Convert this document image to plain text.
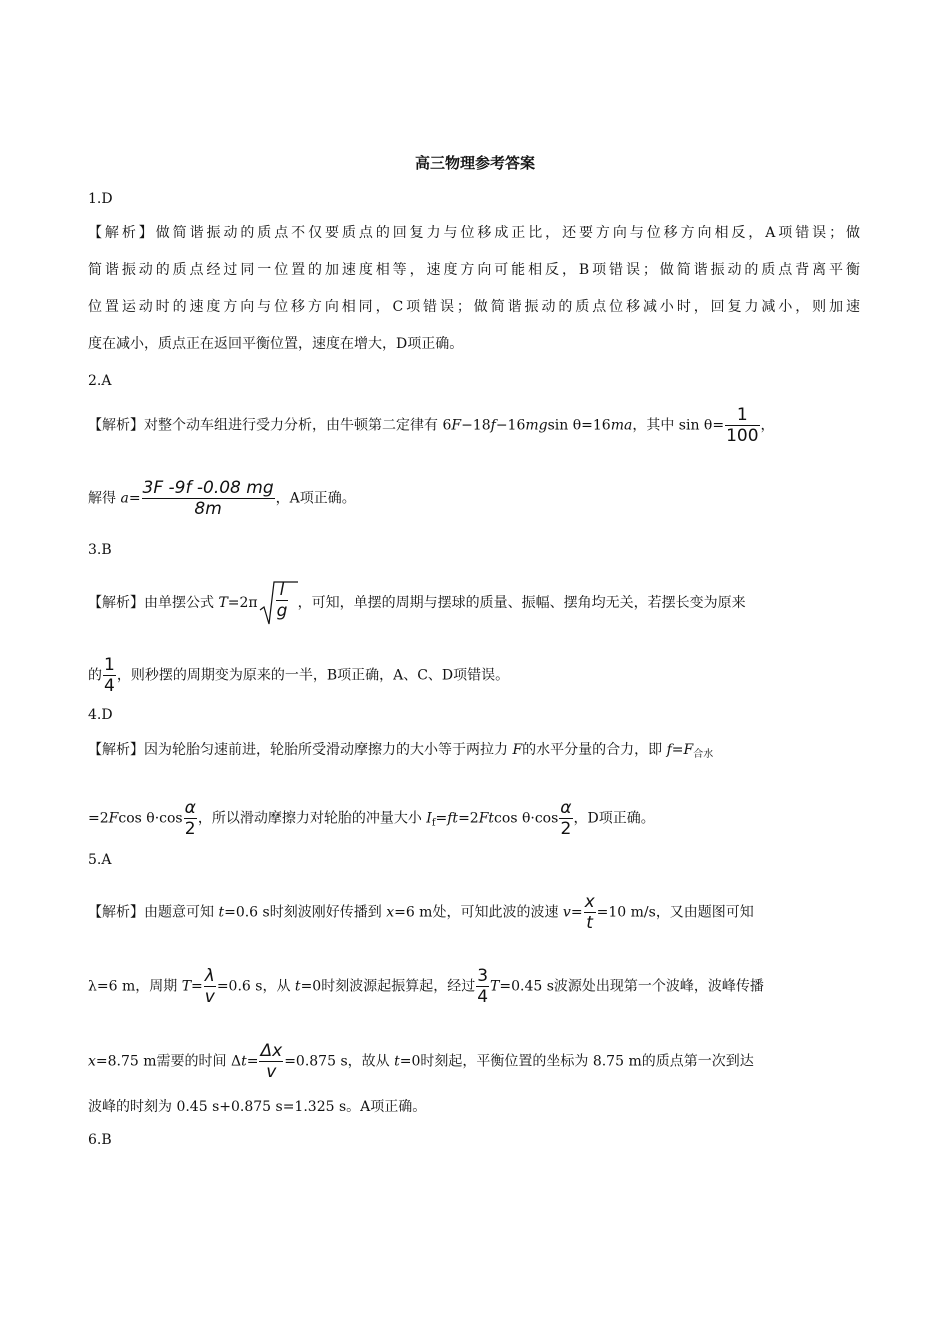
高三物理参考答案
1.D
【解析】做简谐振动的质点不仅要质点的回复力与位移成正比，还要方向与位移方向相反，A项错误；做
简谐振动的质点经过同一位置的加速度相等，速度方向可能相反，B项错误；做简谐振动的质点背离平衡
位置运动时的速度方向与位移方向相同，C项错误；做简谐振动的质点位移减小时，回复力减小，则加速
度在减小，质点正在返回平衡位置，速度在增大，D项正确。
2.A
【解析】对整个动车组进行受力分析，由牛顿第二定律有 6F−18f−16mgsin θ=16ma，其中 $\sin \theta= \frac{1}{100}$ ，
解得 $a= \frac{3F -9f -0.08 mg}{8m}$ ，A项正确。
3.B
【解析】由单摆公式 $T=2\pi \frac{l}{g}$ ，可知，单摆的周期与摆球的质量、振幅、摆角均无关，若摆长变为原来
的 $\frac{1}{4}$ ，则秒摆的周期变为原来的一半，B项正确，A、C、D项错误。
4.D
【解析】因为轮胎匀速前进，轮胎所受滑动摩擦力的大小等于两拉力 F的水平分量的合力，即 $f=F_{合水}$
=2Fcos $\theta\cdot\cos \frac{\alpha}{2}$ ，所以滑动摩擦力对轮胎的冲量大小 $I_f=ft=2Ftcos$ $\theta\cdot\cos \frac{\alpha}{2}$ ，D项正确。
5.A
【解析】由题意可知 t=0.6 s时刻波刚好传播到 x=6 m处，可知此波的波速 $v= \frac{x}{t} =10$ m/s，又由题图可知
λ=6 m，周期 $T= \frac{\lambda}{v} =0.6$ s，从 t=0时刻波源起振算起，经过 $\frac{3}{4} T=0.45$ s波源处出现第一个波峰，波峰传播
x=8.75 m需要的时间 $\Delta t= \frac{\Delta x}{v} =0.875$ s，故从 t=0时刻起，平衡位置的坐标为 8.75 m的质点第一次到达
波峰的时刻为 0.45 s+0.875 s=1.325 s。A项正确。
6.B
